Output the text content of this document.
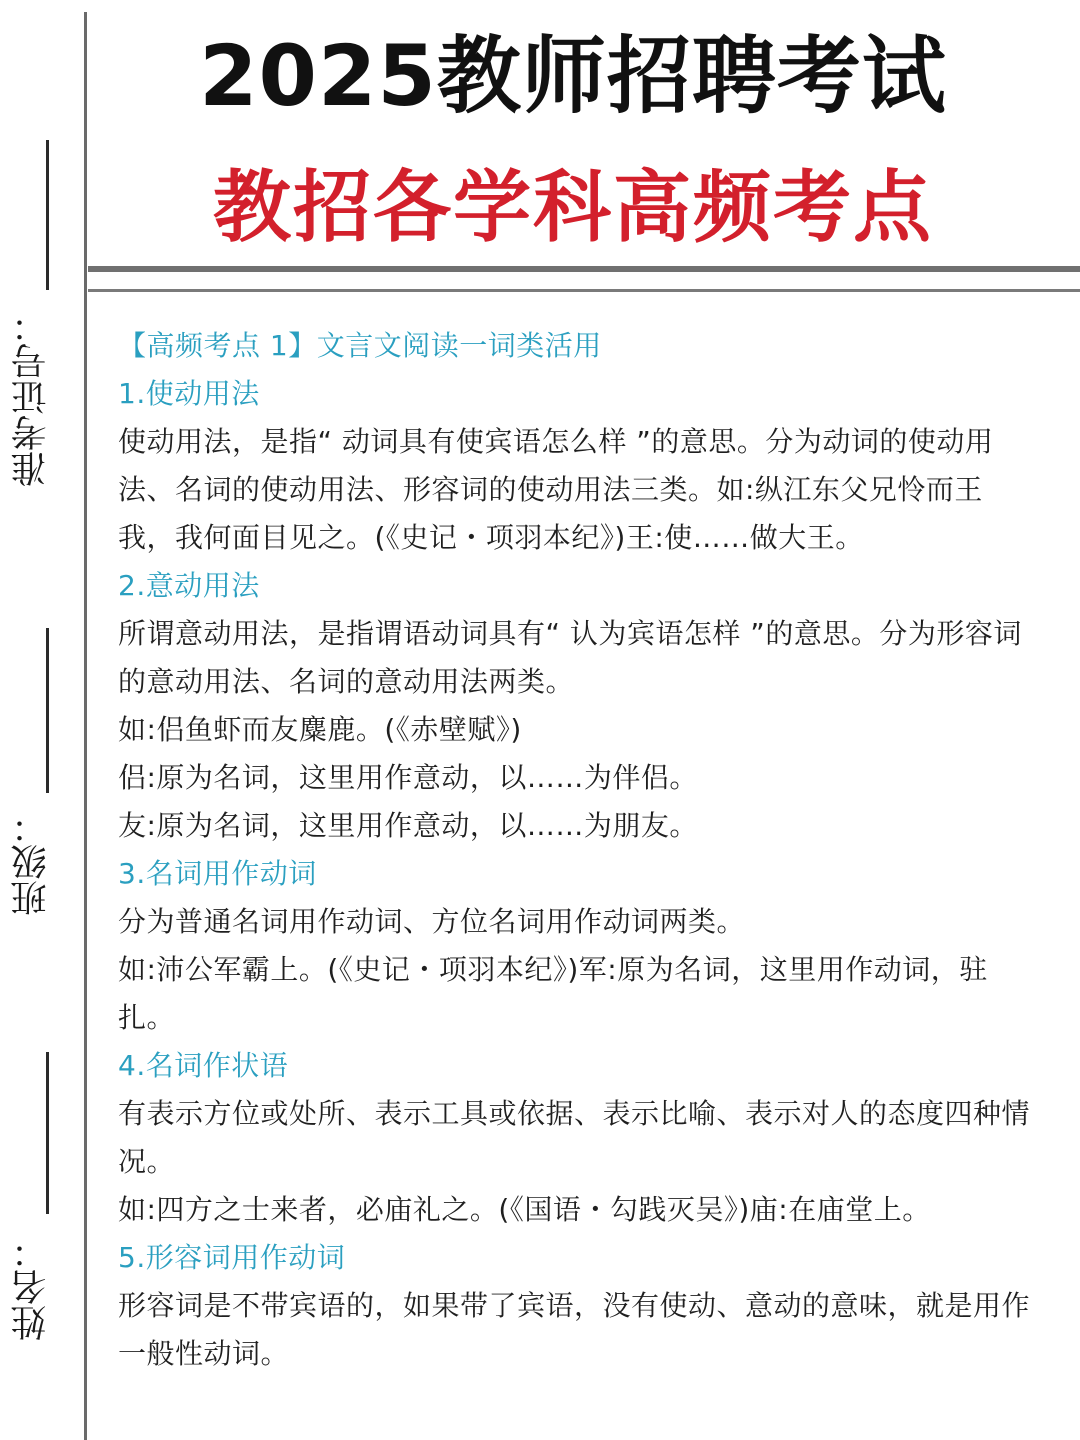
准考证号：
班级：
姓名：
2025教师招聘考试
教招各学科高频考点
【高频考点 1】文言文阅读一词类活用
1.使动用法
使动用法，是指“ 动词具有使宾语怎么样 ”的意思。分为动词的使动用
法、名词的使动用法、形容词的使动用法三类。如:纵江东父兄怜而王
我，我何面目见之。(《史记・项羽本纪》)王:使……做大王。
2.意动用法
所谓意动用法，是指谓语动词具有“ 认为宾语怎样 ”的意思。分为形容词
的意动用法、名词的意动用法两类。
如:侣鱼虾而友麋鹿。(《赤壁赋》)
侣:原为名词，这里用作意动，以……为伴侣。
友:原为名词，这里用作意动，以……为朋友。
3.名词用作动词
分为普通名词用作动词、方位名词用作动词两类。
如:沛公军霸上。(《史记・项羽本纪》)军:原为名词，这里用作动词，驻
扎。
4.名词作状语
有表示方位或处所、表示工具或依据、表示比喻、表示对人的态度四种情
况。
如:四方之士来者，必庙礼之。(《国语・勾践灭吴》)庙:在庙堂上。
5.形容词用作动词
形容词是不带宾语的，如果带了宾语，没有使动、意动的意味，就是用作
一般性动词。
